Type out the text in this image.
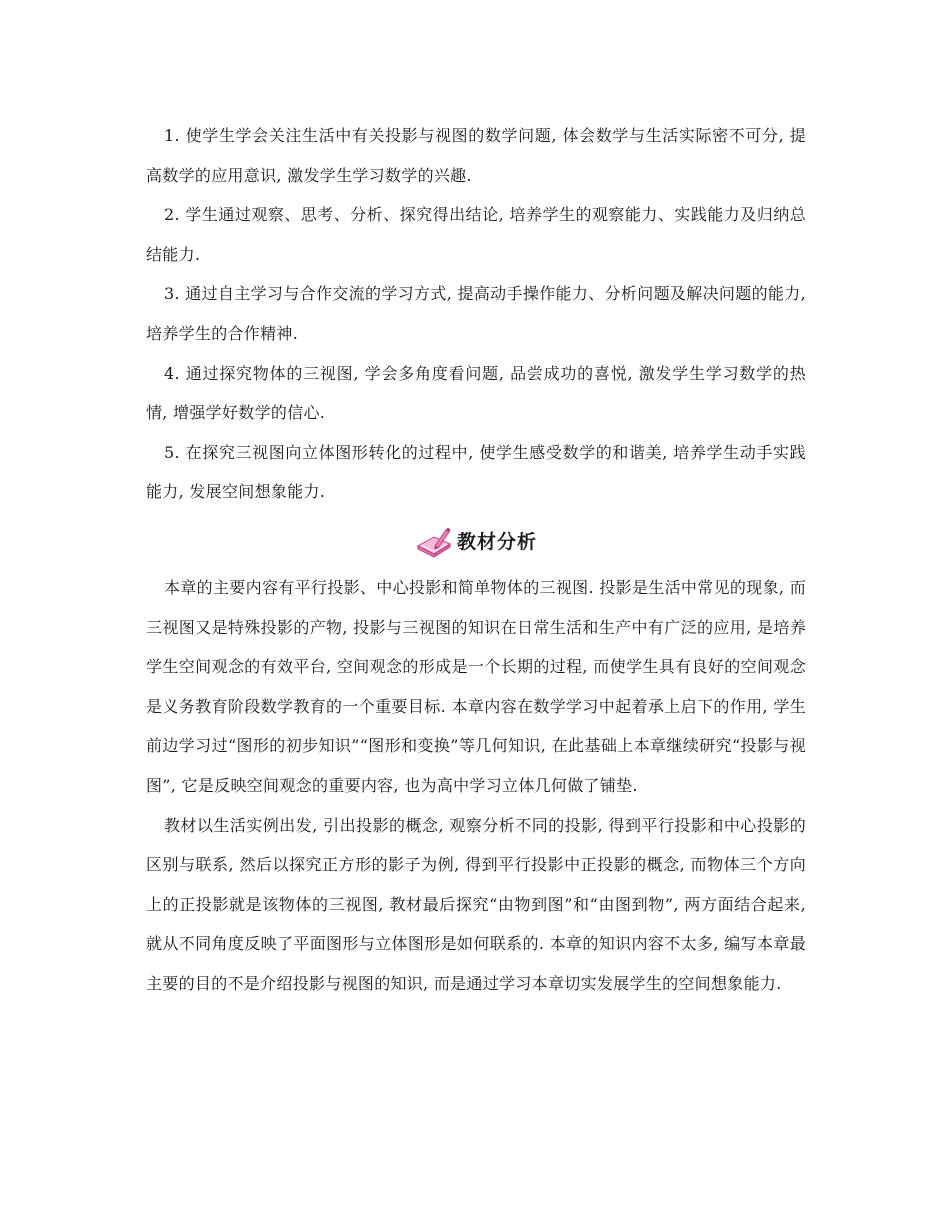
1. 使学生学会关注生活中有关投影与视图的数学问题, 体会数学与生活实际密不可分, 提高数学的应用意识, 激发学生学习数学的兴趣.

2. 学生通过观察、思考、分析、探究得出结论, 培养学生的观察能力、实践能力及归纳总结能力.

3. 通过自主学习与合作交流的学习方式, 提高动手操作能力、分析问题及解决问题的能力, 培养学生的合作精神.

4. 通过探究物体的三视图, 学会多角度看问题, 品尝成功的喜悦, 激发学生学习数学的热情, 增强学好数学的信心.

5. 在探究三视图向立体图形转化的过程中, 使学生感受数学的和谐美, 培养学生动手实践能力, 发展空间想象能力.

教材分析

本章的主要内容有平行投影、中心投影和简单物体的三视图. 投影是生活中常见的现象, 而三视图又是特殊投影的产物, 投影与三视图的知识在日常生活和生产中有广泛的应用, 是培养学生空间观念的有效平台, 空间观念的形成是一个长期的过程, 而使学生具有良好的空间观念是义务教育阶段数学教育的一个重要目标. 本章内容在数学学习中起着承上启下的作用, 学生前边学习过“图形的初步知识”“图形和变换”等几何知识, 在此基础上本章继续研究“投影与视图”, 它是反映空间观念的重要内容, 也为高中学习立体几何做了铺垫.

教材以生活实例出发, 引出投影的概念, 观察分析不同的投影, 得到平行投影和中心投影的区别与联系, 然后以探究正方形的影子为例, 得到平行投影中正投影的概念, 而物体三个方向上的正投影就是该物体的三视图, 教材最后探究“由物到图”和“由图到物”, 两方面结合起来, 就从不同角度反映了平面图形与立体图形是如何联系的. 本章的知识内容不太多, 编写本章最主要的目的不是介绍投影与视图的知识, 而是通过学习本章切实发展学生的空间想象能力.
